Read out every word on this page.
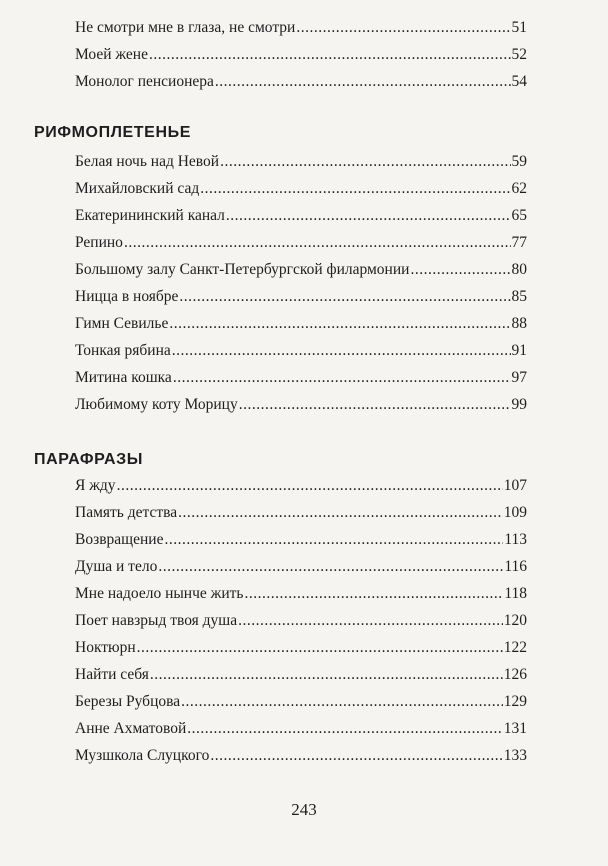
Не смотри мне в глаза, не смотри .....	51
Моей жене .....	52
Монолог пенсионера .....	54
РИФМОПЛЕТЕНЬЕ
Белая ночь над Невой .....	59
Михайловский сад .....	62
Екатерининский канал .....	65
Репино .....	77
Большому залу Санкт-Петербургской филармонии .....	80
Ницца в ноябре .....	85
Гимн Севилье .....	88
Тонкая рябина .....	91
Митина кошка .....	97
Любимому коту Морицу .....	99
ПАРАФРАЗЫ
Я жду .....	107
Память детства .....	109
Возвращение .....	113
Душа и тело .....	116
Мне надоело нынче жить .....	118
Поет навзрыд твоя душа .....	120
Ноктюрн .....	122
Найти себя .....	126
Березы Рубцова .....	129
Анне Ахматовой .....	131
Музшкола Слуцкого .....	133
243
